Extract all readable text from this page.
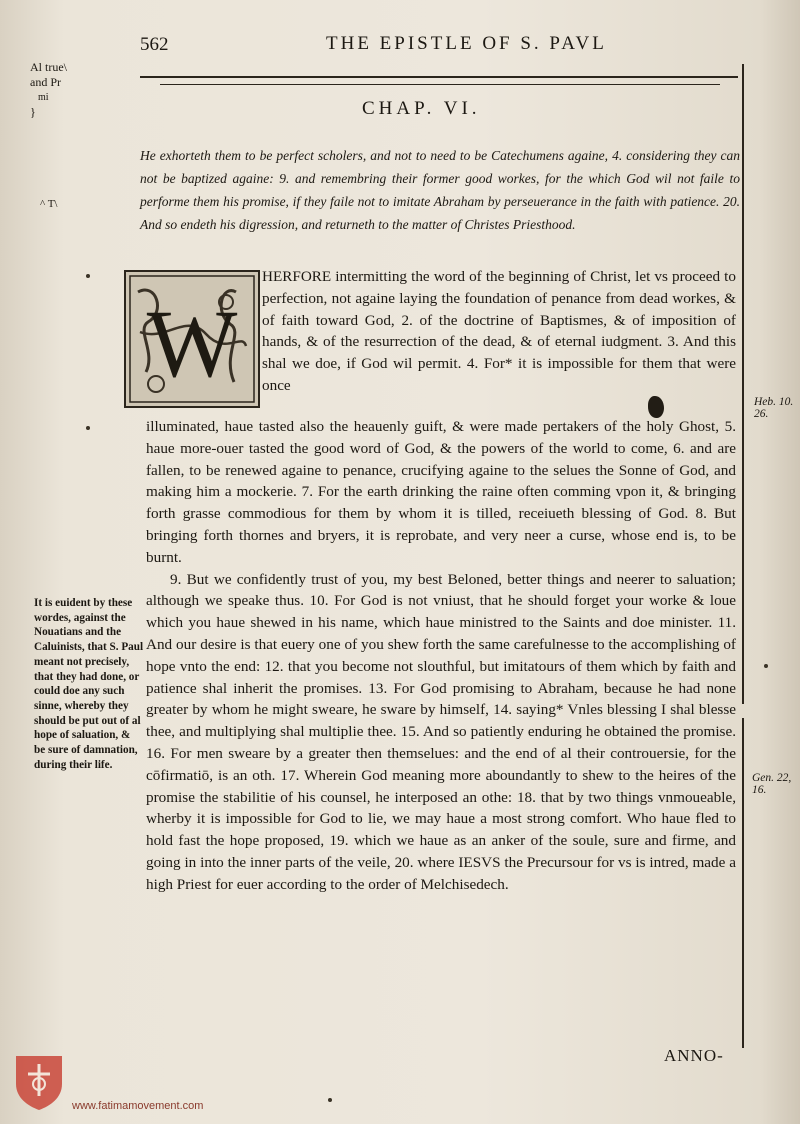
562	THE EPISTLE OF S. PAVL
Al true\
and Pr
mi
}
^ T\
CHAP. VI.

He exhorteth them to be perfect scholers, and not to need to be Catechumens againe, 4. considering they can not be baptized againe: 9. and remembring their former good workes, for the which God wil not faile to performe them his promise, if they faile not to imitate Abraham by perseuerance in the faith with patience. 20. And so endeth his digression, and returneth to the matter of Christes Priesthood.

W

HERFORE intermitting the word of the beginning of Christ, let vs proceed to perfection, not againe laying the foundation of penance from dead workes, & of faith toward God, 2. of the doctrine of Baptismes, & of imposition of hands, & of the resurrection of the dead, & of eternal iudgment. 3. And this shal we doe, if God wil permit. 4. For* it is impossible for them that were once

illuminated, haue tasted also the heauenly guift, & were made pertakers of the holy Ghost, 5. haue more-ouer tasted the good word of God, & the powers of the world to come, 6. and are fallen, to be renewed againe to penance, crucifying againe to the selues the Sonne of God, and making him a mockerie. 7. For the earth drinking the raine often comming vpon it, & bringing forth grasse commodious for them by whom it is tilled, receiueth blessing of God. 8. But bringing forth thornes and bryers, it is reprobate, and very neer a curse, whose end is, to be burnt.

9. But we confidently trust of you, my best Beloned, better things and neerer to saluation; although we speake thus. 10. For God is not vniust, that he should forget your worke & loue which you haue shewed in his name, which haue ministred to the Saints and doe minister. 11. And our desire is that euery one of you shew forth the same carefulnesse to the accomplishing of hope vnto the end: 12. that you become not slouthful, but imitatours of them which by faith and patience shal inherit the promises. 13. For God promising to Abraham, because he had none greater by whom he might sweare, he sware by himself, 14. saying* Vnles blessing I shal blesse thee, and multiplying shal multiplie thee. 15. And so patiently enduring he obtained the promise. 16. For men sweare by a greater then themselues: and the end of al their controuersie, for the cōfirmatiō, is an oth. 17. Wherein God meaning more aboundantly to shew to the heires of the promise the stabilitie of his counsel, he interposed an othe: 18. that by two things vnmoueable, wherby it is impossible for God to lie, we may haue a most strong comfort. Who haue fled to hold fast the hope proposed, 19. which we haue as an anker of the soule, sure and firme, and going in into the inner parts of the veile, 20. where IESVS the Precursour for vs is intred, made a high Priest for euer according to the order of Melchisedech.

It is euident by these wordes, against the Nouatians and the Caluinists, that S. Paul meant not precisely, that they had done, or could doe any such sinne, whereby they should be put out of al hope of saluation, & be sure of damnation, during their life.
Heb. 10. 26.
Gen. 22, 16.
ANNO-
www.fatimamovement.com
